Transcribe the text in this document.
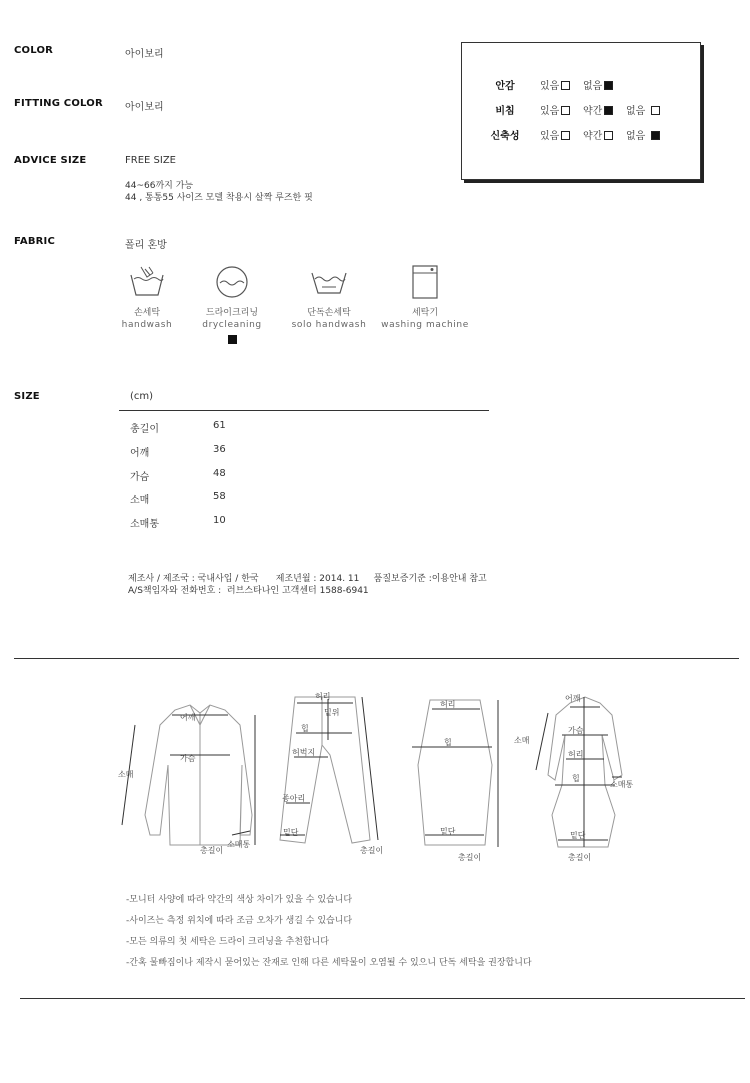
COLOR	아이보리
FITTING COLOR 아이보리
ADVICE SIZE	FREE SIZE
44~66까지 가능
44 , 통통55 사이즈 모델 착용시 살짝 루즈한 핏
FABRIC	폴리 혼방
안감	있음	없음
비침	있음	약간	없음
신축성 있음	약간	없음
손세탁
handwash
드라이크리닝
drycleaning
단독손세탁
solo handwash
세탁기
washing machine
SIZE	(cm)
총길이	61
어깨	36
가슴	48
소매	58
소매통	10
제조사 / 제조국 : 국내사입 / 한국      제조년월 : 2014. 11     품질보증기준 :이용안내 참고
A/S책임자와 전화번호 :  러브스타나인 고객센터 1588-6941
어깨
가슴
소매
소매통
총길이
허리
밑위
힙
허벅지
종아리
밑단
총길이
허리
힙
밑단
총길이
어깨
소매
가슴
허리
힙
소매통
밑단
총길이
-모니터 사양에 따라 약간의 색상 차이가 있을 수 있습니다
-사이즈는 측정 위치에 따라 조금 오차가 생길 수 있습니다
-모든 의류의 첫 세탁은 드라이 크리닝을 추천합니다
-간혹 물빠짐이나 제작시 묻어있는 잔재로 인해 다른 세탁물이 오염될 수 있으니 단독 세탁을 권장합니다
